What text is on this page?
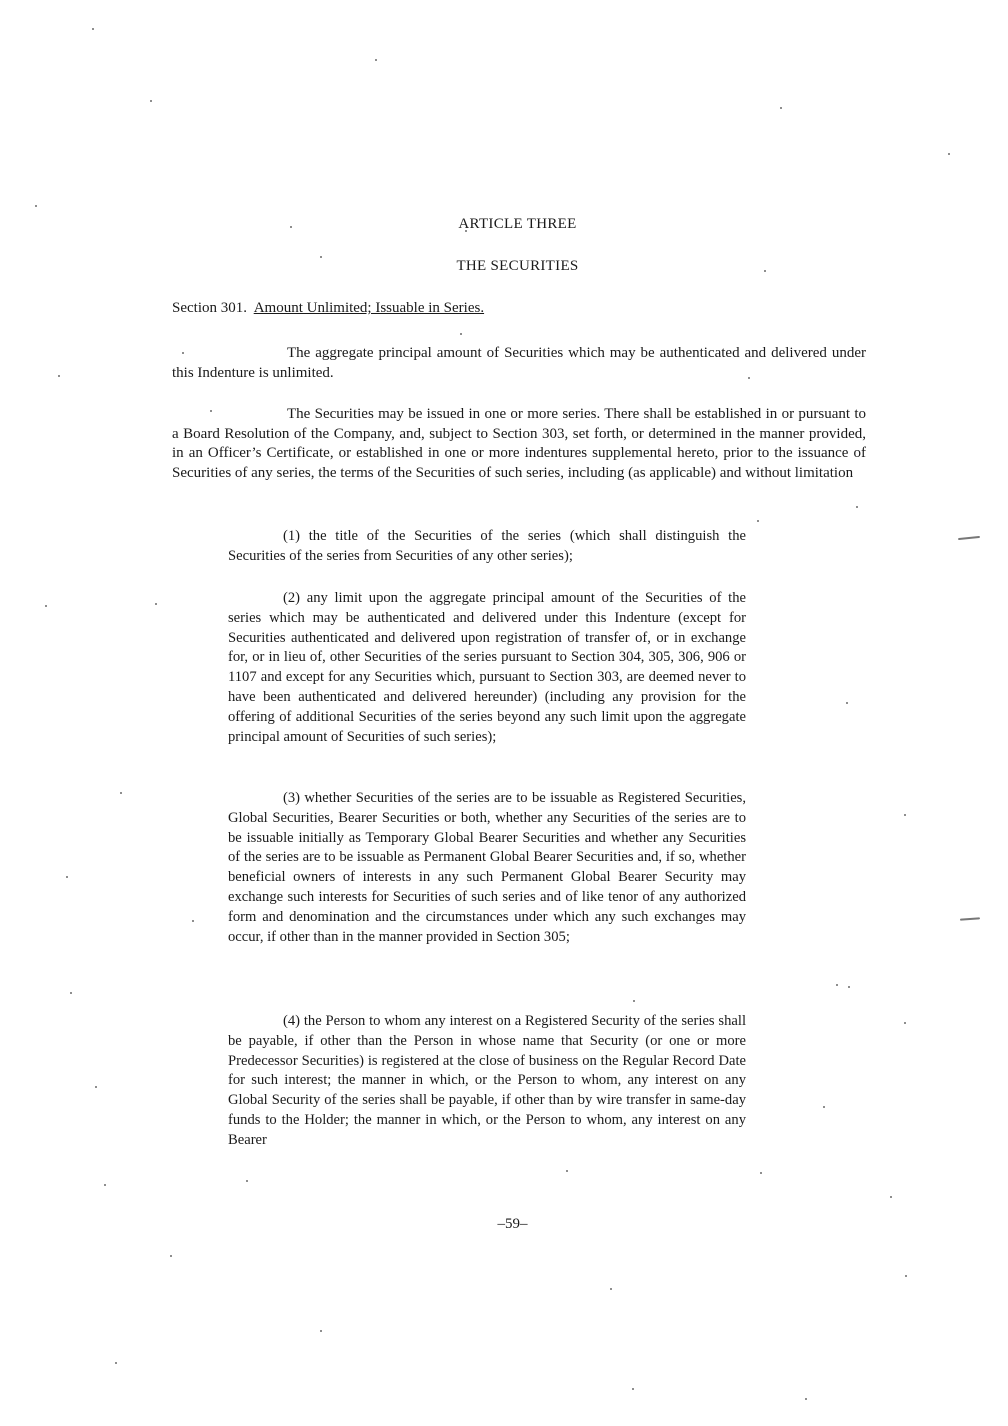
ARTICLE THREE
THE SECURITIES
Section 301. Amount Unlimited; Issuable in Series.

The aggregate principal amount of Securities which may be authenticated and delivered under this Indenture is unlimited.

The Securities may be issued in one or more series. There shall be established in or pursuant to a Board Resolution of the Company, and, subject to Section 303, set forth, or determined in the manner provided, in an Officer’s Certificate, or established in one or more indentures supplemental hereto, prior to the issuance of Securities of any series, the terms of the Securities of such series, including (as applicable) and without limitation

(1) the title of the Securities of the series (which shall distinguish the Securities of the series from Securities of any other series);

(2) any limit upon the aggregate principal amount of the Securities of the series which may be authenticated and delivered under this Indenture (except for Securities authenticated and delivered upon registration of transfer of, or in exchange for, or in lieu of, other Securities of the series pursuant to Section 304, 305, 306, 906 or 1107 and except for any Securities which, pursuant to Section 303, are deemed never to have been authenticated and delivered hereunder) (including any provision for the offering of additional Securities of the series beyond any such limit upon the aggregate principal amount of Securities of such series);

(3) whether Securities of the series are to be issuable as Registered Securities, Global Securities, Bearer Securities or both, whether any Securities of the series are to be issuable initially as Temporary Global Bearer Securities and whether any Securities of the series are to be issuable as Permanent Global Bearer Securities and, if so, whether beneficial owners of interests in any such Permanent Global Bearer Security may exchange such interests for Securities of such series and of like tenor of any authorized form and denomination and the circumstances under which any such exchanges may occur, if other than in the manner provided in Section 305;

(4) the Person to whom any interest on a Registered Security of the series shall be payable, if other than the Person in whose name that Security (or one or more Predecessor Securities) is registered at the close of business on the Regular Record Date for such interest; the manner in which, or the Person to whom, any interest on any Global Security of the series shall be payable, if other than by wire transfer in same-day funds to the Holder; the manner in which, or the Person to whom, any interest on any Bearer

–59–
